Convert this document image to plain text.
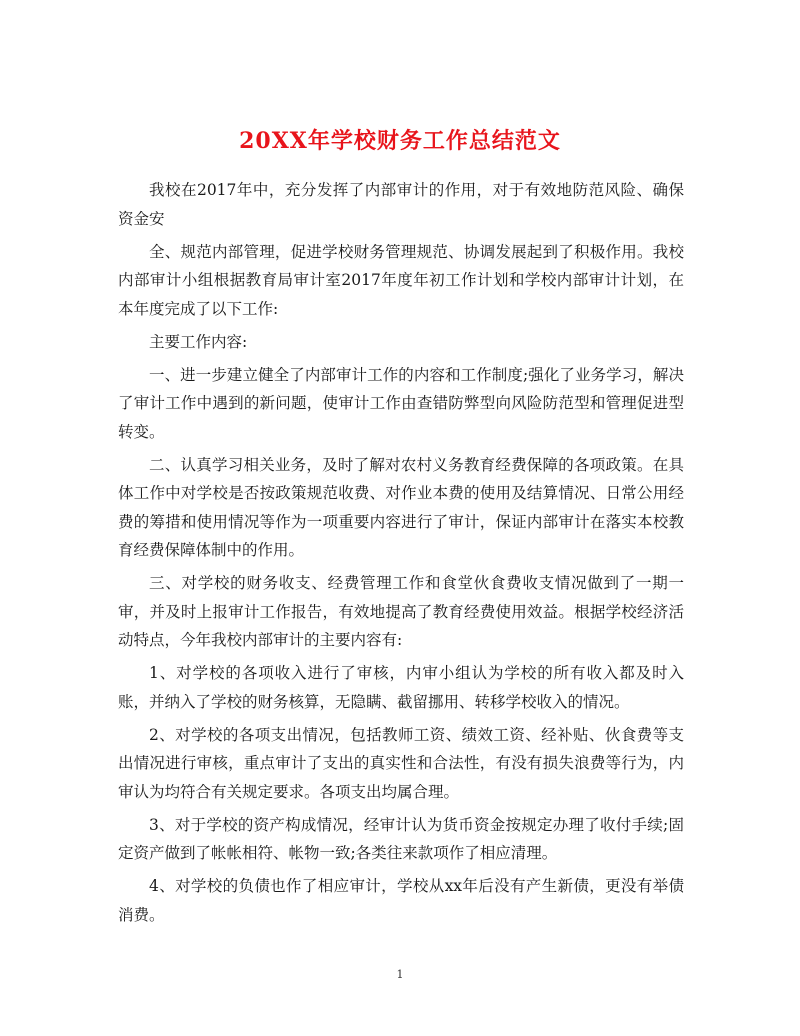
20XX年学校财务工作总结范文

我校在2017年中，充分发挥了内部审计的作用，对于有效地防范风险、确保资金安

全、规范内部管理，促进学校财务管理规范、协调发展起到了积极作用。我校内部审计小组根据教育局审计室2017年度年初工作计划和学校内部审计计划，在本年度完成了以下工作:

主要工作内容:

一、进一步建立健全了内部审计工作的内容和工作制度;强化了业务学习，解决了审计工作中遇到的新问题，使审计工作由查错防弊型向风险防范型和管理促进型转变。

二、认真学习相关业务，及时了解对农村义务教育经费保障的各项政策。在具体工作中对学校是否按政策规范收费、对作业本费的使用及结算情况、日常公用经费的筹措和使用情况等作为一项重要内容进行了审计，保证内部审计在落实本校教育经费保障体制中的作用。

三、对学校的财务收支、经费管理工作和食堂伙食费收支情况做到了一期一审，并及时上报审计工作报告，有效地提高了教育经费使用效益。根据学校经济活动特点，今年我校内部审计的主要内容有:

1、对学校的各项收入进行了审核，内审小组认为学校的所有收入都及时入账，并纳入了学校的财务核算，无隐瞒、截留挪用、转移学校收入的情况。

2、对学校的各项支出情况，包括教师工资、绩效工资、经补贴、伙食费等支出情况进行审核，重点审计了支出的真实性和合法性，有没有损失浪费等行为，内审认为均符合有关规定要求。各项支出均属合理。

3、对于学校的资产构成情况，经审计认为货币资金按规定办理了收付手续;固定资产做到了帐帐相符、帐物一致;各类往来款项作了相应清理。

4、对学校的负债也作了相应审计，学校从xx年后没有产生新债，更没有举债消费。

1
